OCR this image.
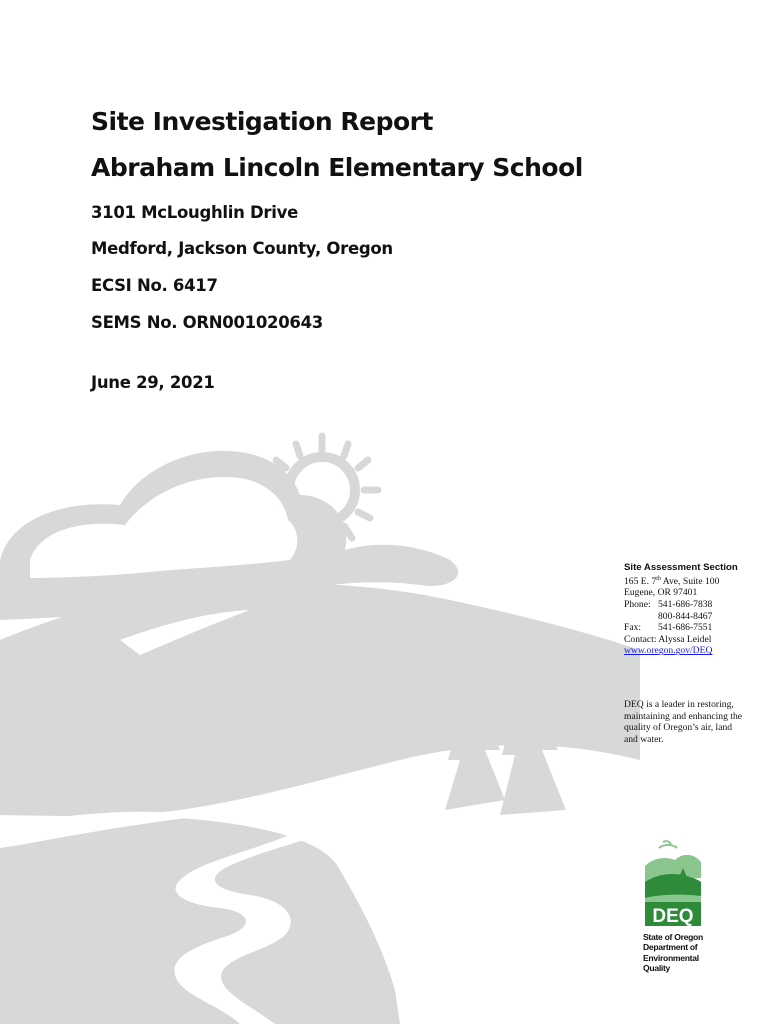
Site Investigation Report
Abraham Lincoln Elementary School

3101 McLoughlin Drive

Medford, Jackson County, Oregon

ECSI No. 6417

SEMS No. ORN001020643

June 29, 2021

Site Assessment Section
165 E. 7th Ave, Suite 100
Eugene, OR 97401
Phone: 541-686-7838
800-844-8467
Fax: 541-686-7551
Contact: Alyssa Leidel
www.oregon.gov/DEQ
DEQ is a leader in restoring, maintaining and enhancing the quality of Oregon’s air, land and water.
DEQ
State of Oregon
Department of
Environmental
Quality
